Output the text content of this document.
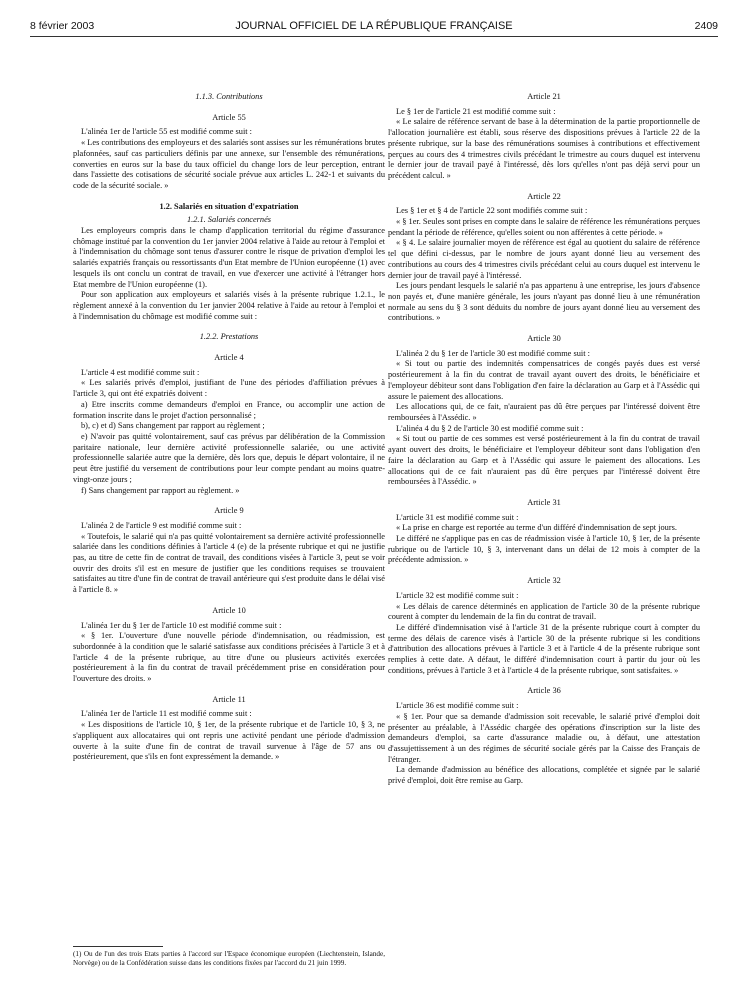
8 février 2003	JOURNAL OFFICIEL DE LA RÉPUBLIQUE FRANÇAISE	2409
1.1.3. Contributions
Article 55

L'alinéa 1er de l'article 55 est modifié comme suit :

« Les contributions des employeurs et des salariés sont assises sur les rémunérations brutes plafonnées, sauf cas particuliers définis par une annexe, sur l'ensemble des rémunérations, converties en euros sur la base du taux officiel du change lors de leur perception, entrant dans l'assiette des cotisations de sécurité sociale prévue aux articles L. 242-1 et suivants du code de la sécurité sociale. »

1.2. Salariés en situation d'expatriation
1.2.1. Salariés concernés

Les employeurs compris dans le champ d'application territorial du régime d'assurance chômage institué par la convention du 1er janvier 2004 relative à l'aide au retour à l'emploi et à l'indemnisation du chômage sont tenus d'assurer contre le risque de privation d'emploi les salariés expatriés français ou ressortissants d'un Etat membre de l'Union européenne (1) avec lesquels ils ont conclu un contrat de travail, en vue d'exercer une activité à l'étranger hors Etat membre de l'Union européenne (1).

Pour son application aux employeurs et salariés visés à la présente rubrique 1.2.1., le règlement annexé à la convention du 1er janvier 2004 relative à l'aide au retour à l'emploi et à l'indemnisation du chômage est modifié comme suit :

1.2.2. Prestations
Article 4

L'article 4 est modifié comme suit :

« Les salariés privés d'emploi, justifiant de l'une des périodes d'affiliation prévues à l'article 3, qui ont été expatriés doivent :

a) Etre inscrits comme demandeurs d'emploi en France, ou accomplir une action de formation inscrite dans le projet d'action personnalisé ;

b), c) et d) Sans changement par rapport au règlement ;

e) N'avoir pas quitté volontairement, sauf cas prévus par délibération de la Commission paritaire nationale, leur dernière activité professionnelle salariée, ou une activité professionnelle salariée autre que la dernière, dès lors que, depuis le départ volontaire, il ne peut être justifié du versement de contributions pour leur compte pendant au moins quatre-vingt-onze jours ;

f) Sans changement par rapport au règlement. »

Article 9

L'alinéa 2 de l'article 9 est modifié comme suit :

« Toutefois, le salarié qui n'a pas quitté volontairement sa dernière activité professionnelle salariée dans les conditions définies à l'article 4 (e) de la présente rubrique et qui ne justifie pas, au titre de cette fin de contrat de travail, des conditions visées à l'article 3, peut se voir ouvrir des droits s'il est en mesure de justifier que les conditions requises se trouvaient satisfaites au titre d'une fin de contrat de travail antérieure qui s'est produite dans le délai visé à l'article 8. »

Article 10

L'alinéa 1er du § 1er de l'article 10 est modifié comme suit :

« § 1er. L'ouverture d'une nouvelle période d'indemnisation, ou réadmission, est subordonnée à la condition que le salarié satisfasse aux conditions précisées à l'article 3 et à l'article 4 de la présente rubrique, au titre d'une ou plusieurs activités exercées postérieurement à la fin du contrat de travail précédemment prise en considération pour l'ouverture des droits. »

Article 11

L'alinéa 1er de l'article 11 est modifié comme suit :

« Les dispositions de l'article 10, § 1er, de la présente rubrique et de l'article 10, § 3, ne s'appliquent aux allocataires qui ont repris une activité pendant une période d'admission ouverte à la suite d'une fin de contrat de travail survenue à l'âge de 57 ans ou postérieurement, que s'ils en font expressément la demande. »

(1) Ou de l'un des trois Etats parties à l'accord sur l'Espace économique européen (Liechtenstein, Islande, Norvège) ou de la Confédération suisse dans les conditions fixées par l'accord du 21 juin 1999.
Article 21

Le § 1er de l'article 21 est modifié comme suit :

« Le salaire de référence servant de base à la détermination de la partie proportionnelle de l'allocation journalière est établi, sous réserve des dispositions prévues à l'article 22 de la présente rubrique, sur la base des rémunérations soumises à contributions et effectivement perçues au cours des 4 trimestres civils précédant le trimestre au cours duquel est intervenu le dernier jour de travail payé à l'intéressé, dès lors qu'elles n'ont pas déjà servi pour un précédent calcul. »

Article 22

Les § 1er et § 4 de l'article 22 sont modifiés comme suit :

« § 1er. Seules sont prises en compte dans le salaire de référence les rémunérations perçues pendant la période de référence, qu'elles soient ou non afférentes à cette période. »

« § 4. Le salaire journalier moyen de référence est égal au quotient du salaire de référence tel que défini ci-dessus, par le nombre de jours ayant donné lieu au versement des contributions au cours des 4 trimestres civils précédant celui au cours duquel est intervenu le dernier jour de travail payé à l'intéressé.

Les jours pendant lesquels le salarié n'a pas appartenu à une entreprise, les jours d'absence non payés et, d'une manière générale, les jours n'ayant pas donné lieu à une rémunération normale au sens du § 3 sont déduits du nombre de jours ayant donné lieu au versement des contributions. »

Article 30

L'alinéa 2 du § 1er de l'article 30 est modifié comme suit :

« Si tout ou partie des indemnités compensatrices de congés payés dues est versé postérieurement à la fin du contrat de travail ayant ouvert des droits, le bénéficiaire et l'employeur débiteur sont dans l'obligation d'en faire la déclaration au Garp et à l'Assédic qui assure le paiement des allocations.

Les allocations qui, de ce fait, n'auraient pas dû être perçues par l'intéressé doivent être remboursées à l'Assédic. »

L'alinéa 4 du § 2 de l'article 30 est modifié comme suit :

« Si tout ou partie de ces sommes est versé postérieurement à la fin du contrat de travail ayant ouvert des droits, le bénéficiaire et l'employeur débiteur sont dans l'obligation d'en faire la déclaration au Garp et à l'Assédic qui assure le paiement des allocations. Les allocations qui de ce fait n'auraient pas dû être perçues par l'intéressé doivent être remboursées à l'Assédic. »

Article 31

L'article 31 est modifié comme suit :

« La prise en charge est reportée au terme d'un différé d'indemnisation de sept jours.

Le différé ne s'applique pas en cas de réadmission visée à l'article 10, § 1er, de la présente rubrique ou de l'article 10, § 3, intervenant dans un délai de 12 mois à compter de la précédente admission. »

Article 32

L'article 32 est modifié comme suit :

« Les délais de carence déterminés en application de l'article 30 de la présente rubrique courent à compter du lendemain de la fin du contrat de travail.

Le différé d'indemnisation visé à l'article 31 de la présente rubrique court à compter du terme des délais de carence visés à l'article 30 de la présente rubrique si les conditions d'attribution des allocations prévues à l'article 3 et à l'article 4 de la présente rubrique sont remplies à cette date. A défaut, le différé d'indemnisation court à partir du jour où les conditions, prévues à l'article 3 et à l'article 4 de la présente rubrique, sont satisfaites. »

Article 36

L'article 36 est modifié comme suit :

« § 1er. Pour que sa demande d'admission soit recevable, le salarié privé d'emploi doit présenter au préalable, à l'Assédic chargée des opérations d'inscription sur la liste des demandeurs d'emploi, sa carte d'assurance maladie ou, à défaut, une attestation d'assujettissement à un des régimes de sécurité sociale gérés par la Caisse des Français de l'étranger.

La demande d'admission au bénéfice des allocations, complétée et signée par le salarié privé d'emploi, doit être remise au Garp.
